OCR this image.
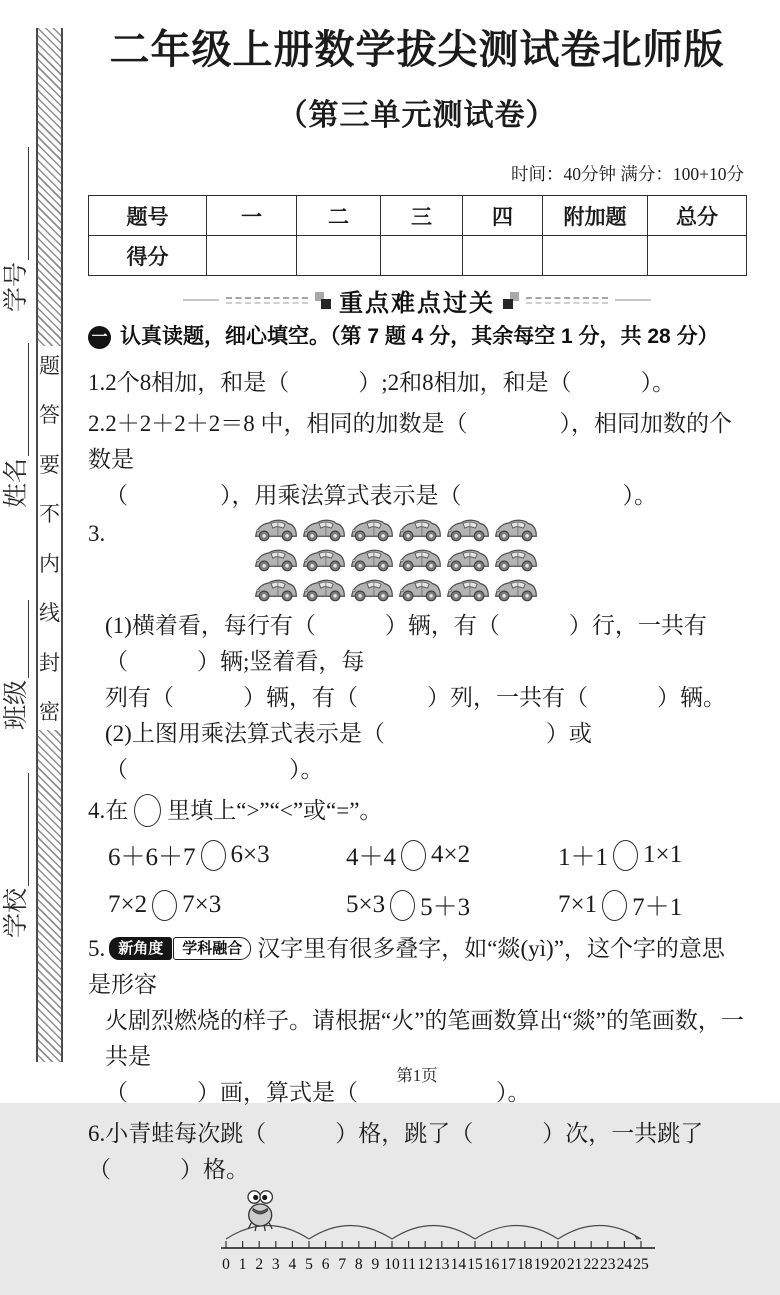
学号
姓名
班级
学校
题
答
要
不
内
线
封
密
二年级上册数学拔尖测试卷北师版
（第三单元测试卷）
时间：40分钟 满分：100+10分
题号	一	二	三	四	附加题	总分
得分						
重点难点过关
一 认真读题，细心填空。（第 7 题 4 分，其余每空 1 分，共 28 分）

1.2个8相加，和是（　　　）;2和8相加，和是（　　　）。

2.2＋2＋2＋2＝8 中，相同的加数是（　　　　），相同加数的个数是

（　　　　），用乘法算式表示是（　　　　　　　）。

3.

(1)横着看，每行有（　　　）辆，有（　　　）行，一共有（　　　）辆;竖着看，每

列有（　　　）辆，有（　　　）列，一共有（　　　）辆。

(2)上图用乘法算式表示是（　　　　　　　）或（　　　　　　　）。

4.在 里填上“>”“<”或“=”。

6＋6＋7 6×3	4＋4 4×2	1＋1 1×1
7×2 7×3	5×3 5＋3	7×1 7＋1

5. 新角度 学科融合 汉字里有很多叠字，如“燚(yì)”，这个字的意思是形容

火剧烈燃烧的样子。请根据“火”的笔画数算出“燚”的笔画数，一共是

（　　　）画，算式是（　　　　　　）。

6.小青蛙每次跳（　　　）格，跳了（　　　）次，一共跳了（　　　）格。

0 1 2 3 4 5 6 7 8 9 10 11 12 13 14 15 16 17 18 19 20 21 22 23 24 25
第1页
